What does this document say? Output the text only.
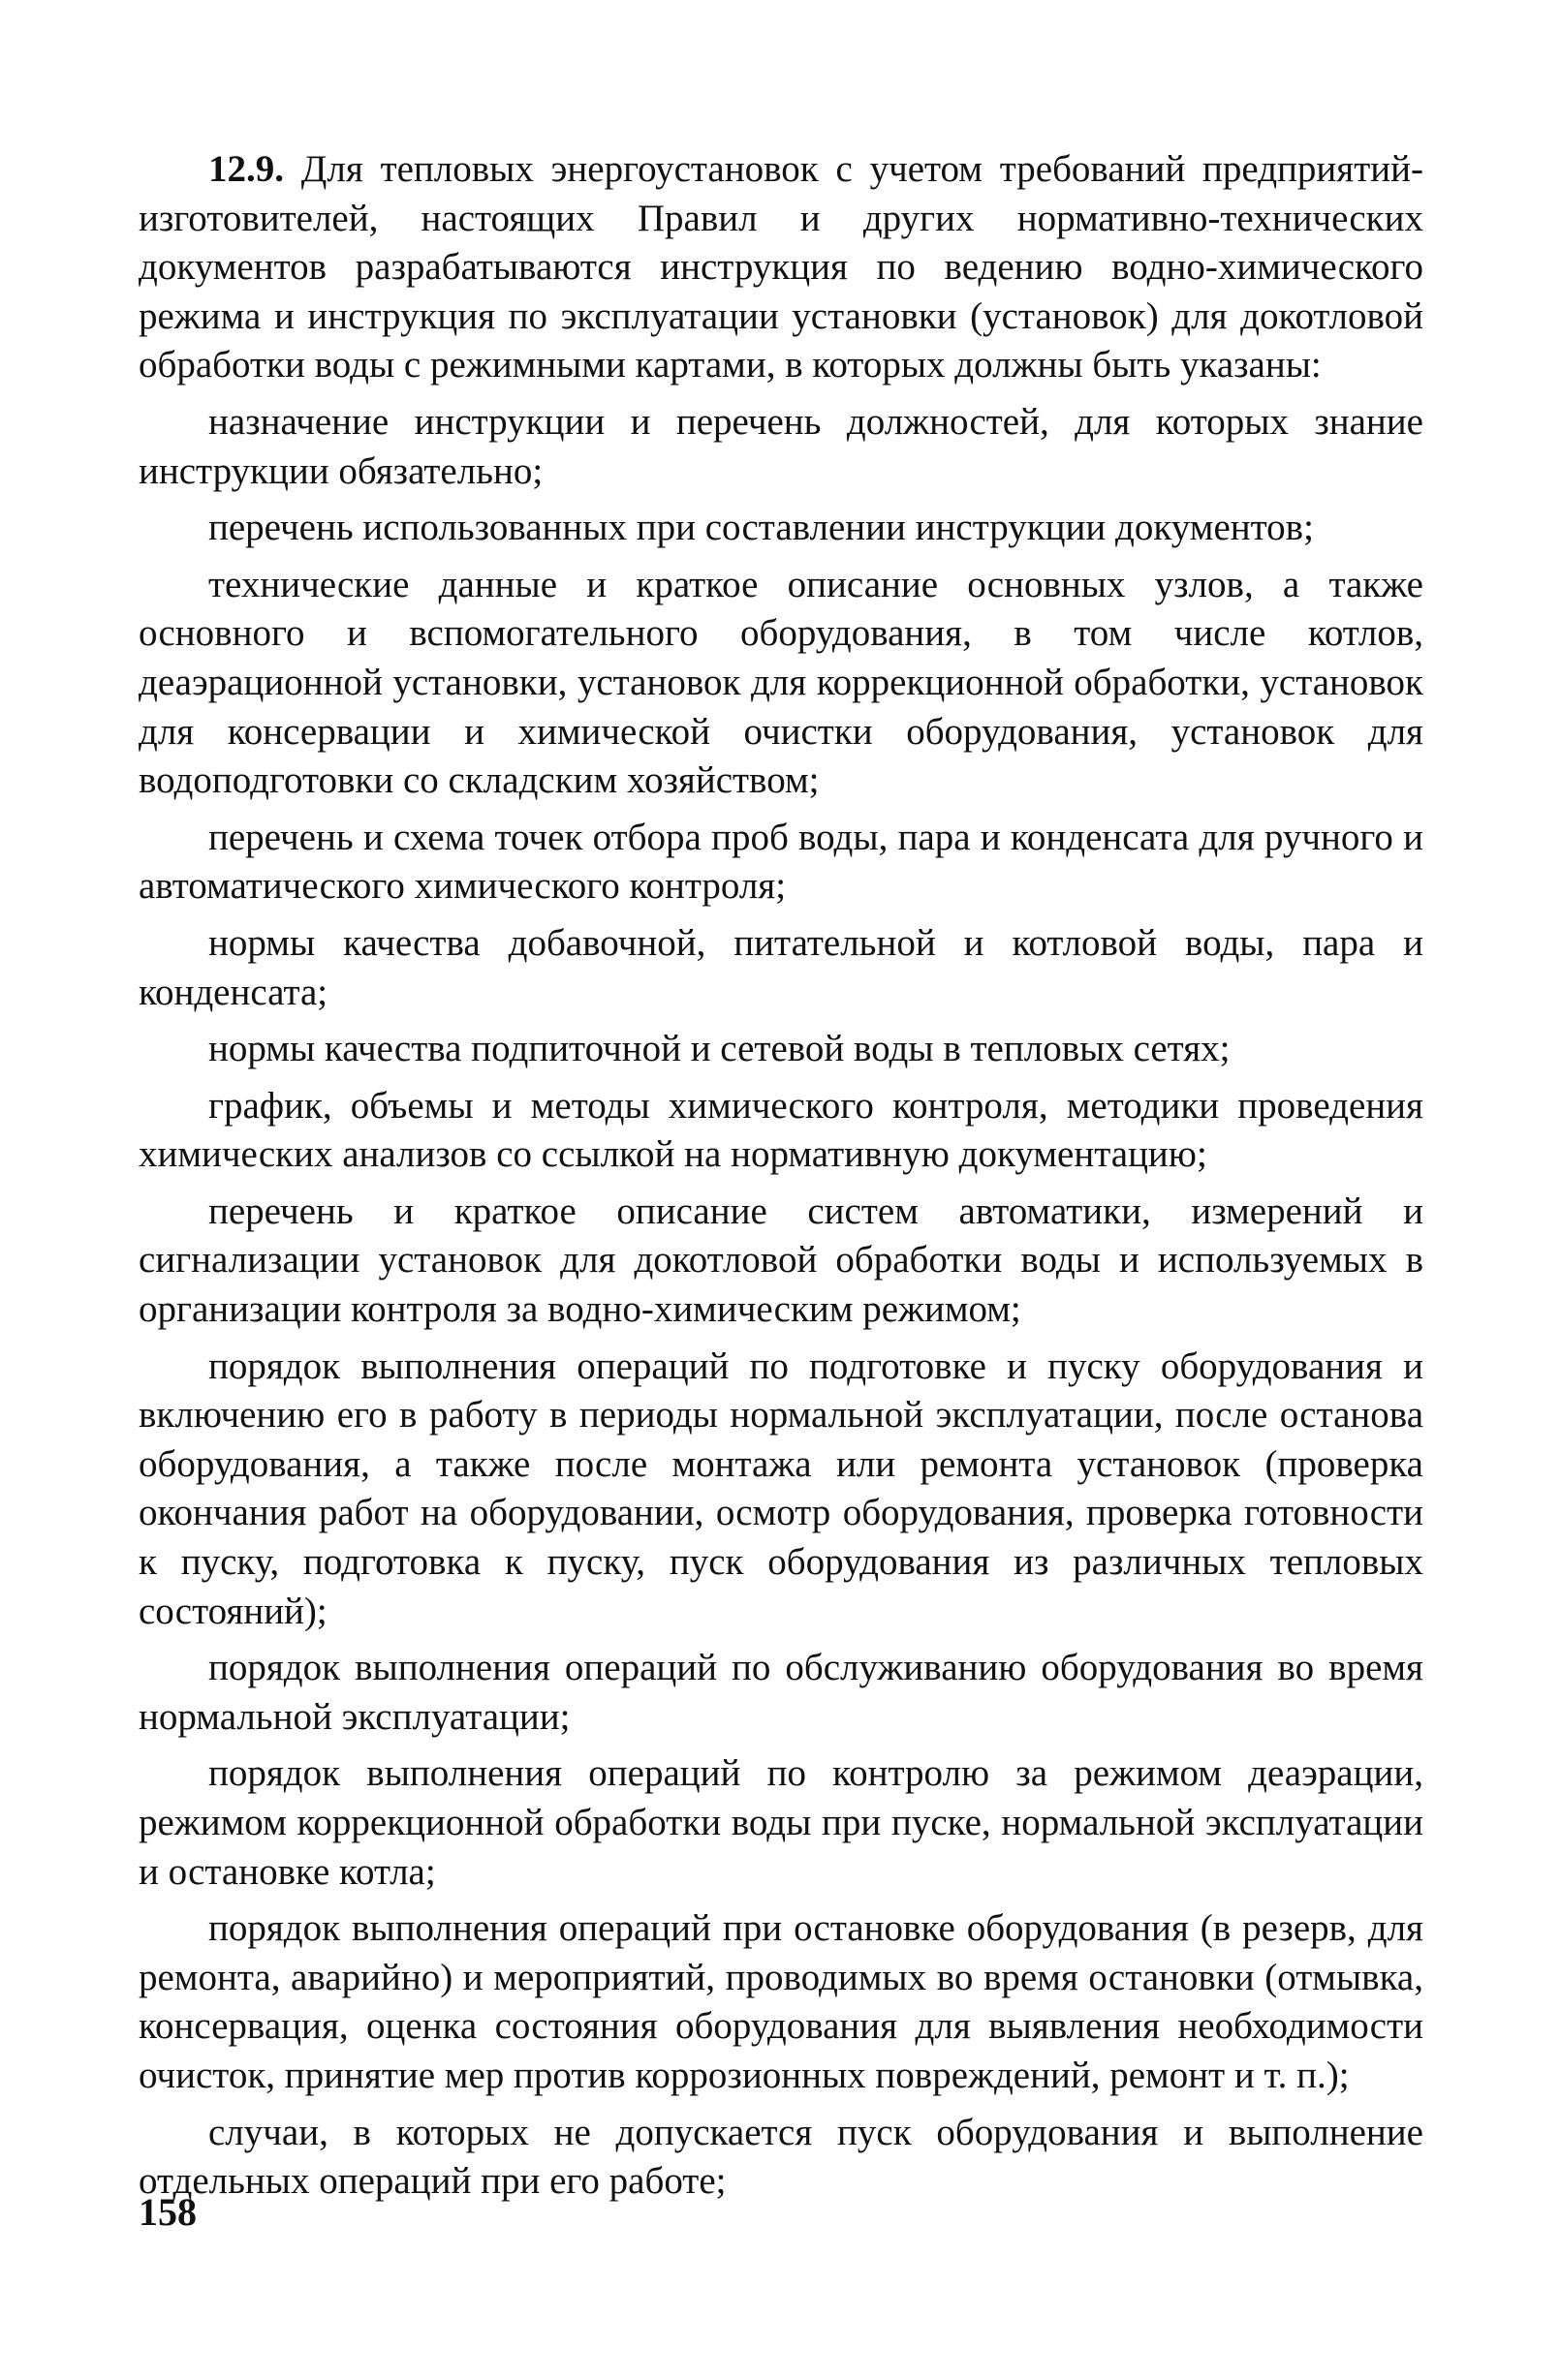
12.9. Для тепловых энергоустановок с учетом требований предприятий-изготовителей, настоящих Правил и других нормативно-технических документов разрабатываются инструкция по ведению водно-химического режима и инструкция по эксплуатации установки (установок) для докотловой обработки воды с режимными картами, в которых должны быть указаны:

назначение инструкции и перечень должностей, для которых знание инструкции обязательно;

перечень использованных при составлении инструкции документов;

технические данные и краткое описание основных узлов, а также основного и вспомогательного оборудования, в том числе котлов, деаэрационной установки, установок для коррекционной обработки, установок для консервации и химической очистки оборудования, установок для водоподготовки со складским хозяйством;

перечень и схема точек отбора проб воды, пара и конденсата для ручного и автоматического химического контроля;

нормы качества добавочной, питательной и котловой воды, пара и конденсата;

нормы качества подпиточной и сетевой воды в тепловых сетях;

график, объемы и методы химического контроля, методики проведения химических анализов со ссылкой на нормативную документацию;

перечень и краткое описание систем автоматики, измерений и сигнализации установок для докотловой обработки воды и используемых в организации контроля за водно-химическим режимом;

порядок выполнения операций по подготовке и пуску оборудования и включению его в работу в периоды нормальной эксплуатации, после останова оборудования, а также после монтажа или ремонта установок (проверка окончания работ на оборудовании, осмотр оборудования, проверка готовности к пуску, подготовка к пуску, пуск оборудования из различных тепловых состояний);

порядок выполнения операций по обслуживанию оборудования во время нормальной эксплуатации;

порядок выполнения операций по контролю за режимом деаэрации, режимом коррекционной обработки воды при пуске, нормальной эксплуатации и остановке котла;

порядок выполнения операций при остановке оборудования (в резерв, для ремонта, аварийно) и мероприятий, проводимых во время остановки (отмывка, консервация, оценка состояния оборудования для выявления необходимости очисток, принятие мер против коррозионных повреждений, ремонт и т. п.);

случаи, в которых не допускается пуск оборудования и выполнение отдельных операций при его работе;

158
